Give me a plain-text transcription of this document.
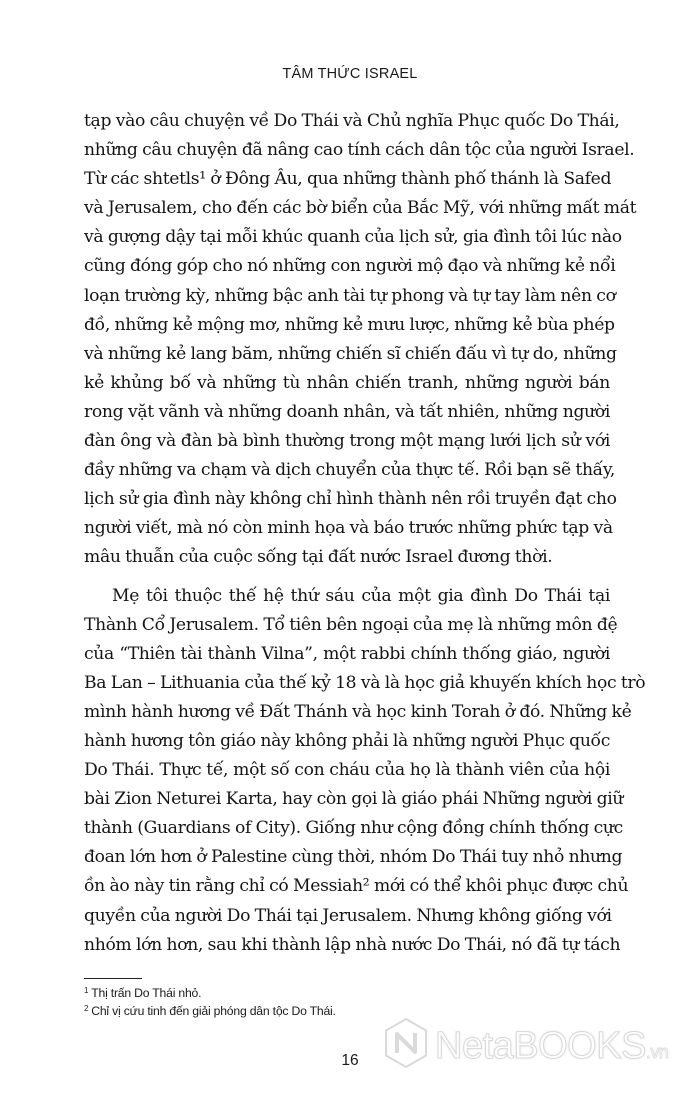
TÂM THỨC ISRAEL
tạp vào câu chuyện về Do Thái và Chủ nghĩa Phục quốc Do Thái,
những câu chuyện đã nâng cao tính cách dân tộc của người Israel.
Từ các shtetls¹ ở Đông Âu, qua những thành phố thánh là Safed
và Jerusalem, cho đến các bờ biển của Bắc Mỹ, với những mất mát
và gượng dậy tại mỗi khúc quanh của lịch sử, gia đình tôi lúc nào
cũng đóng góp cho nó những con người mộ đạo và những kẻ nổi
loạn trường kỳ, những bậc anh tài tự phong và tự tay làm nên cơ
đồ, những kẻ mộng mơ, những kẻ mưu lược, những kẻ bùa phép
và những kẻ lang băm, những chiến sĩ chiến đấu vì tự do, những
kẻ khủng bố và những tù nhân chiến tranh, những người bán
rong vặt vãnh và những doanh nhân, và tất nhiên, những người
đàn ông và đàn bà bình thường trong một mạng lưới lịch sử với
đầy những va chạm và dịch chuyển của thực tế. Rồi bạn sẽ thấy,
lịch sử gia đình này không chỉ hình thành nên rồi truyền đạt cho
người viết, mà nó còn minh họa và báo trước những phức tạp và
mâu thuẫn của cuộc sống tại đất nước Israel đương thời.
Mẹ tôi thuộc thế hệ thứ sáu của một gia đình Do Thái tại
Thành Cổ Jerusalem. Tổ tiên bên ngoại của mẹ là những môn đệ
của “Thiên tài thành Vilna”, một rabbi chính thống giáo, người
Ba Lan – Lithuania của thế kỷ 18 và là học giả khuyến khích học trò
mình hành hương về Đất Thánh và học kinh Torah ở đó. Những kẻ
hành hương tôn giáo này không phải là những người Phục quốc
Do Thái. Thực tế, một số con cháu của họ là thành viên của hội
bài Zion Neturei Karta, hay còn gọi là giáo phái Những người giữ
thành (Guardians of City). Giống như cộng đồng chính thống cực
đoan lớn hơn ở Palestine cùng thời, nhóm Do Thái tuy nhỏ nhưng
ồn ào này tin rằng chỉ có Messiah² mới có thể khôi phục được chủ
quyền của người Do Thái tại Jerusalem. Nhưng không giống với
nhóm lớn hơn, sau khi thành lập nhà nước Do Thái, nó đã tự tách
$^1$ Thị trấn Do Thái nhỏ.
$^2$ Chỉ vị cứu tinh đến giải phóng dân tộc Do Thái.
16	NetaBOOKS.vn
